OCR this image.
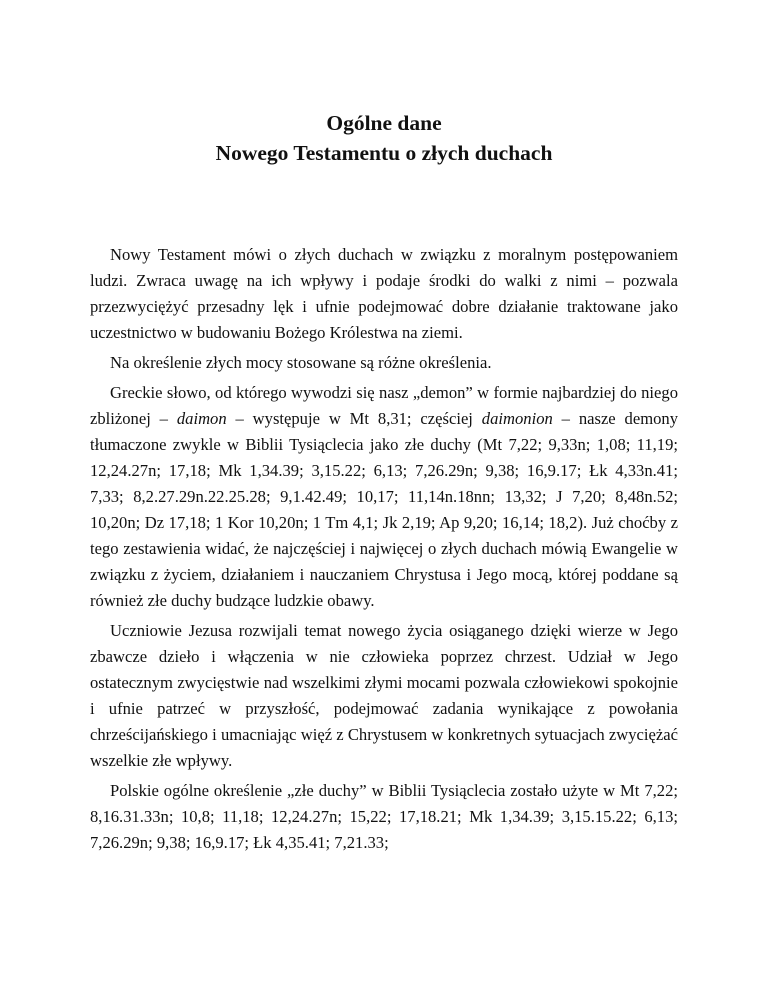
Ogólne dane
Nowego Testamentu o złych duchach

Nowy Testament mówi o złych duchach w związku z moralnym postępowaniem ludzi. Zwraca uwagę na ich wpływy i podaje środki do walki z nimi – pozwala przezwyciężyć przesadny lęk i ufnie podejmować dobre działanie traktowane jako uczestnictwo w budowaniu Bożego Królestwa na ziemi.

Na określenie złych mocy stosowane są różne określenia.

Greckie słowo, od którego wywodzi się nasz „demon” w formie najbardziej do niego zbliżonej – daimon – występuje w Mt 8,31; częściej daimonion – nasze demony tłumaczone zwykle w Biblii Tysiąclecia jako złe duchy (Mt 7,22; 9,33n; 1,08; 11,19; 12,24.27n; 17,18; Mk 1,34.39; 3,15.22; 6,13; 7,26.29n; 9,38; 16,9.17; Łk 4,33n.41; 7,33; 8,2.27.29n.22.25.28; 9,1.42.49; 10,17; 11,14n.18nn; 13,32; J 7,20; 8,48n.52; 10,20n; Dz 17,18; 1 Kor 10,20n; 1 Tm 4,1; Jk 2,19; Ap 9,20; 16,14; 18,2). Już choćby z tego zestawienia widać, że najczęściej i najwięcej o złych duchach mówią Ewangelie w związku z życiem, działaniem i nauczaniem Chrystusa i Jego mocą, której poddane są również złe duchy budzące ludzkie obawy.

Uczniowie Jezusa rozwijali temat nowego życia osiąganego dzięki wierze w Jego zbawcze dzieło i włączenia w nie człowieka poprzez chrzest. Udział w Jego ostatecznym zwycięstwie nad wszelkimi złymi mocami pozwala człowiekowi spokojnie i ufnie patrzeć w przyszłość, podejmować zadania wynikające z powołania chrześcijańskiego i umacniając więź z Chrystusem w konkretnych sytuacjach zwyciężać wszelkie złe wpływy.

Polskie ogólne określenie „złe duchy” w Biblii Tysiąclecia zostało użyte w Mt 7,22; 8,16.31.33n; 10,8; 11,18; 12,24.27n; 15,22; 17,18.21; Mk 1,34.39; 3,15.15.22; 6,13; 7,26.29n; 9,38; 16,9.17; Łk 4,35.41; 7,21.33;
